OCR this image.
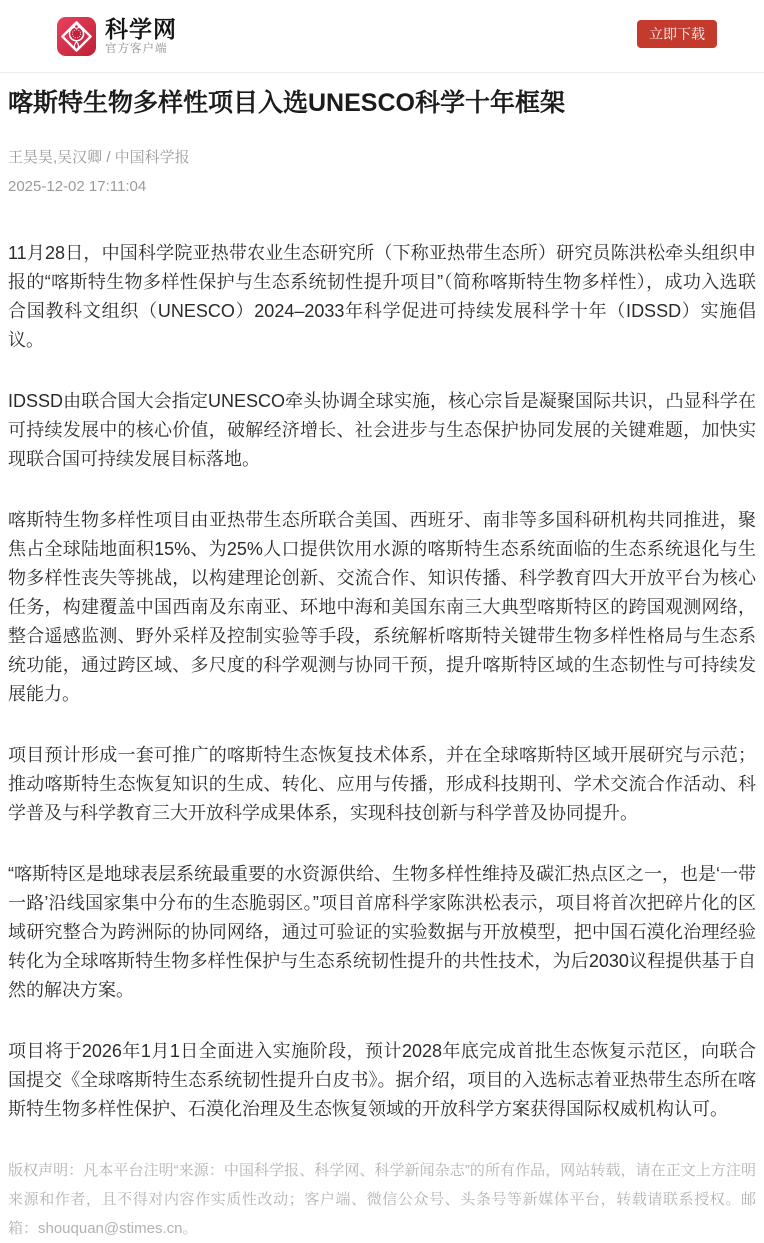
科学网
官方客户端
立即下载
喀斯特生物多样性项目入选UNESCO科学十年框架
王昊昊,吴汉卿 / 中国科学报
2025-12-02 17:11:04

11月28日，中国科学院亚热带农业生态研究所（下称亚热带生态所）研究员陈洪松牵头组织申报的“喀斯特生物多样性保护与生态系统韧性提升项目”（简称喀斯特生物多样性），成功入选联合国教科文组织（UNESCO）2024–2033年科学促进可持续发展科学十年（IDSSD）实施倡议。

IDSSD由联合国大会指定UNESCO牵头协调全球实施，核心宗旨是凝聚国际共识，凸显科学在可持续发展中的核心价值，破解经济增长、社会进步与生态保护协同发展的关键难题，加快实现联合国可持续发展目标落地。

喀斯特生物多样性项目由亚热带生态所联合美国、西班牙、南非等多国科研机构共同推进，聚焦占全球陆地面积15%、为25%人口提供饮用水源的喀斯特生态系统面临的生态系统退化与生物多样性丧失等挑战，以构建理论创新、交流合作、知识传播、科学教育四大开放平台为核心任务，构建覆盖中国西南及东南亚、环地中海和美国东南三大典型喀斯特区的跨国观测网络，整合遥感监测、野外采样及控制实验等手段，系统解析喀斯特关键带生物多样性格局与生态系统功能，通过跨区域、多尺度的科学观测与协同干预，提升喀斯特区域的生态韧性与可持续发展能力。

项目预计形成一套可推广的喀斯特生态恢复技术体系，并在全球喀斯特区域开展研究与示范；推动喀斯特生态恢复知识的生成、转化、应用与传播，形成科技期刊、学术交流合作活动、科学普及与科学教育三大开放科学成果体系，实现科技创新与科学普及协同提升。

“喀斯特区是地球表层系统最重要的水资源供给、生物多样性维持及碳汇热点区之一，也是‘一带一路’沿线国家集中分布的生态脆弱区。”项目首席科学家陈洪松表示，项目将首次把碎片化的区域研究整合为跨洲际的协同网络，通过可验证的实验数据与开放模型，把中国石漠化治理经验转化为全球喀斯特生物多样性保护与生态系统韧性提升的共性技术，为后2030议程提供基于自然的解决方案。

项目将于2026年1月1日全面进入实施阶段，预计2028年底完成首批生态恢复示范区，向联合国提交《全球喀斯特生态系统韧性提升白皮书》。据介绍，项目的入选标志着亚热带生态所在喀斯特生物多样性保护、石漠化治理及生态恢复领域的开放科学方案获得国际权威机构认可。

版权声明：凡本平台注明“来源：中国科学报、科学网、科学新闻杂志”的所有作品，网站转载，请在正文上方注明来源和作者，且不得对内容作实质性改动；客户端、微信公众号、头条号等新媒体平台，转载请联系授权。邮箱：shouquan@stimes.cn。
